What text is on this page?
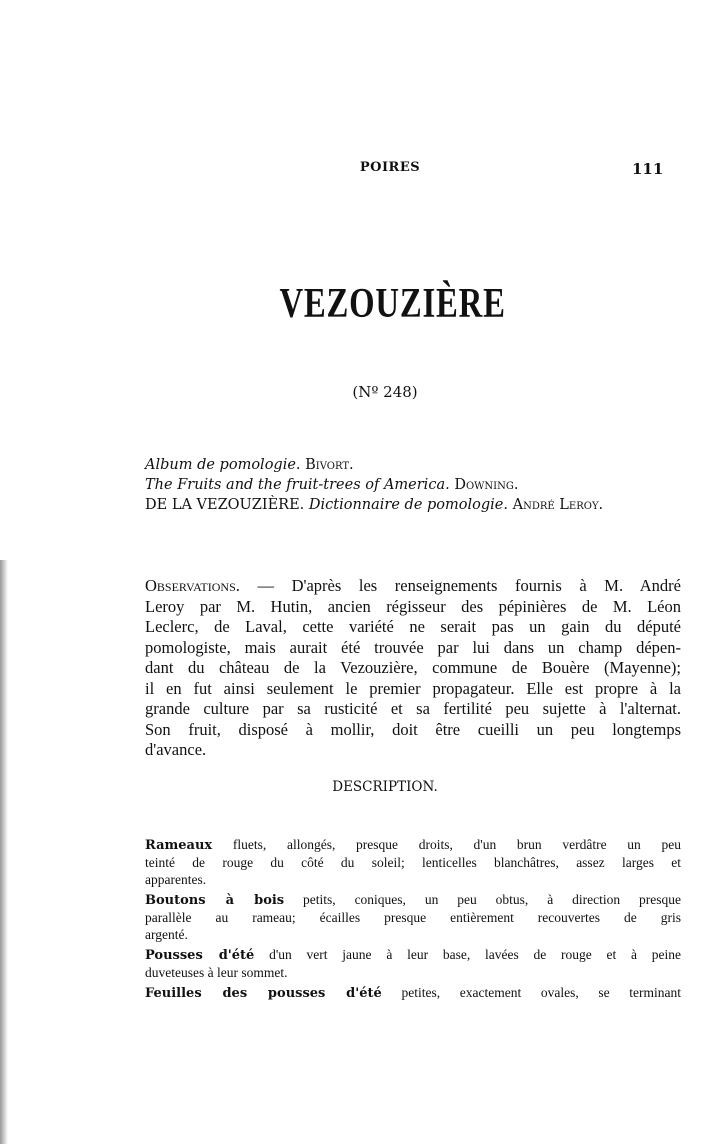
POIRES	111
VEZOUZIÈRE
(Nº 248)
Album de pomologie. Bivort.
The Fruits and the fruit-trees of America. Downing.
DE LA VEZOUZIÈRE. Dictionnaire de pomologie. André Leroy.
Observations. — D'après les renseignements fournis à M. André
Leroy par M. Hutin, ancien régisseur des pépinières de M. Léon
Leclerc, de Laval, cette variété ne serait pas un gain du député
pomologiste, mais aurait été trouvée par lui dans un champ dépen-
dant du château de la Vezouzière, commune de Bouère (Mayenne);
il en fut ainsi seulement le premier propagateur. Elle est propre à la
grande culture par sa rusticité et sa fertilité peu sujette à l'alternat.
Son fruit, disposé à mollir, doit être cueilli un peu longtemps
d'avance.
DESCRIPTION.
Rameaux fluets, allongés, presque droits, d'un brun verdâtre un peu
teinté de rouge du côté du soleil; lenticelles blanchâtres, assez larges et
apparentes.
Boutons à bois petits, coniques, un peu obtus, à direction presque
parallèle au rameau; écailles presque entièrement recouvertes de gris
argenté.
Pousses d'été d'un vert jaune à leur base, lavées de rouge et à peine
duveteuses à leur sommet.
Feuilles des pousses d'été petites, exactement ovales, se terminant
